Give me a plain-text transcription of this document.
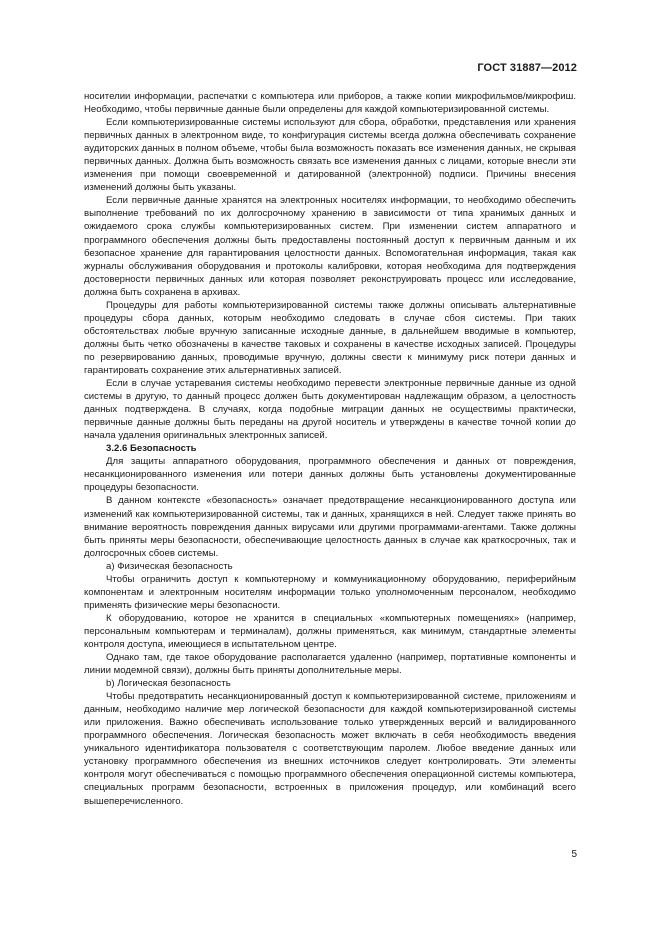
ГОСТ 31887—2012

носителии информации, распечатки с компьютера или приборов, а также копии микрофильмов/микрофиш. Необходимо, чтобы первичные данные были определены для каждой компьютеризированной системы.

Если компьютеризированные системы используют для сбора, обработки, представления или хранения первичных данных в электронном виде, то конфигурация системы всегда должна обеспечивать сохранение аудиторских данных в полном объеме, чтобы была возможность показать все изменения данных, не скрывая первичных данных. Должна быть возможность связать все изменения данных с лицами, которые внесли эти изменения при помощи своевременной и датированной (электронной) подписи. Причины внесения изменений должны быть указаны.

Если первичные данные хранятся на электронных носителях информации, то необходимо обеспечить выполнение требований по их долгосрочному хранению в зависимости от типа хранимых данных и ожидаемого срока службы компьютеризированных систем. При изменении систем аппаратного и программного обеспечения должны быть предоставлены постоянный доступ к первичным данным и их безопасное хранение для гарантирования целостности данных. Вспомогательная информация, такая как журналы обслуживания оборудования и протоколы калибровки, которая необходима для подтверждения достоверности первичных данных или которая позволяет реконструировать процесс или исследование, должна быть сохранена в архивах.

Процедуры для работы компьютеризированной системы также должны описывать альтернативные процедуры сбора данных, которым необходимо следовать в случае сбоя системы. При таких обстоятельствах любые вручную записанные исходные данные, в дальнейшем вводимые в компьютер, должны быть четко обозначены в качестве таковых и сохранены в качестве исходных записей. Процедуры по резервированию данных, проводимые вручную, должны свести к минимуму риск потери данных и гарантировать сохранение этих альтернативных записей.

Если в случае устаревания системы необходимо перевести электронные первичные данные из одной системы в другую, то данный процесс должен быть документирован надлежащим образом, а целостность данных подтверждена. В случаях, когда подобные миграции данных не осуществимы практически, первичные данные должны быть переданы на другой носитель и утверждены в качестве точной копии до начала удаления оригинальных электронных записей.

3.2.6 Безопасность

Для защиты аппаратного оборудования, программного обеспечения и данных от повреждения, несанкционированного изменения или потери данных должны быть установлены документированные процедуры безопасности.

В данном контексте «безопасность» означает предотвращение несанкционированного доступа или изменений как компьютеризированной системы, так и данных, хранящихся в ней. Следует также принять во внимание вероятность повреждения данных вирусами или другими программами-агентами. Также должны быть приняты меры безопасности, обеспечивающие целостность данных в случае как краткосрочных, так и долгосрочных сбоев системы.

а) Физическая безопасность

Чтобы ограничить доступ к компьютерному и коммуникационному оборудованию, периферийным компонентам и электронным носителям информации только уполномоченным персоналом, необходимо применять физические меры безопасности.

К оборудованию, которое не хранится в специальных «компьютерных помещениях» (например, персональным компьютерам и терминалам), должны применяться, как минимум, стандартные элементы контроля доступа, имеющиеся в испытательном центре.

Однако там, где такое оборудование располагается удаленно (например, портативные компоненты и линии модемной связи), должны быть приняты дополнительные меры.

b) Логическая безопасность

Чтобы предотвратить несанкционированный доступ к компьютеризированной системе, приложениям и данным, необходимо наличие мер логической безопасности для каждой компьютеризированной системы или приложения. Важно обеспечивать использование только утвержденных версий и валидированного программного обеспечения. Логическая безопасность может включать в себя необходимость введения уникального идентификатора пользователя с соответствующим паролем. Любое введение данных или установку программного обеспечения из внешних источников следует контролировать. Эти элементы контроля могут обеспечиваться с помощью программного обеспечения операционной системы компьютера, специальных программ безопасности, встроенных в приложения процедур, или комбинаций всего вышеперечисленного.

5
